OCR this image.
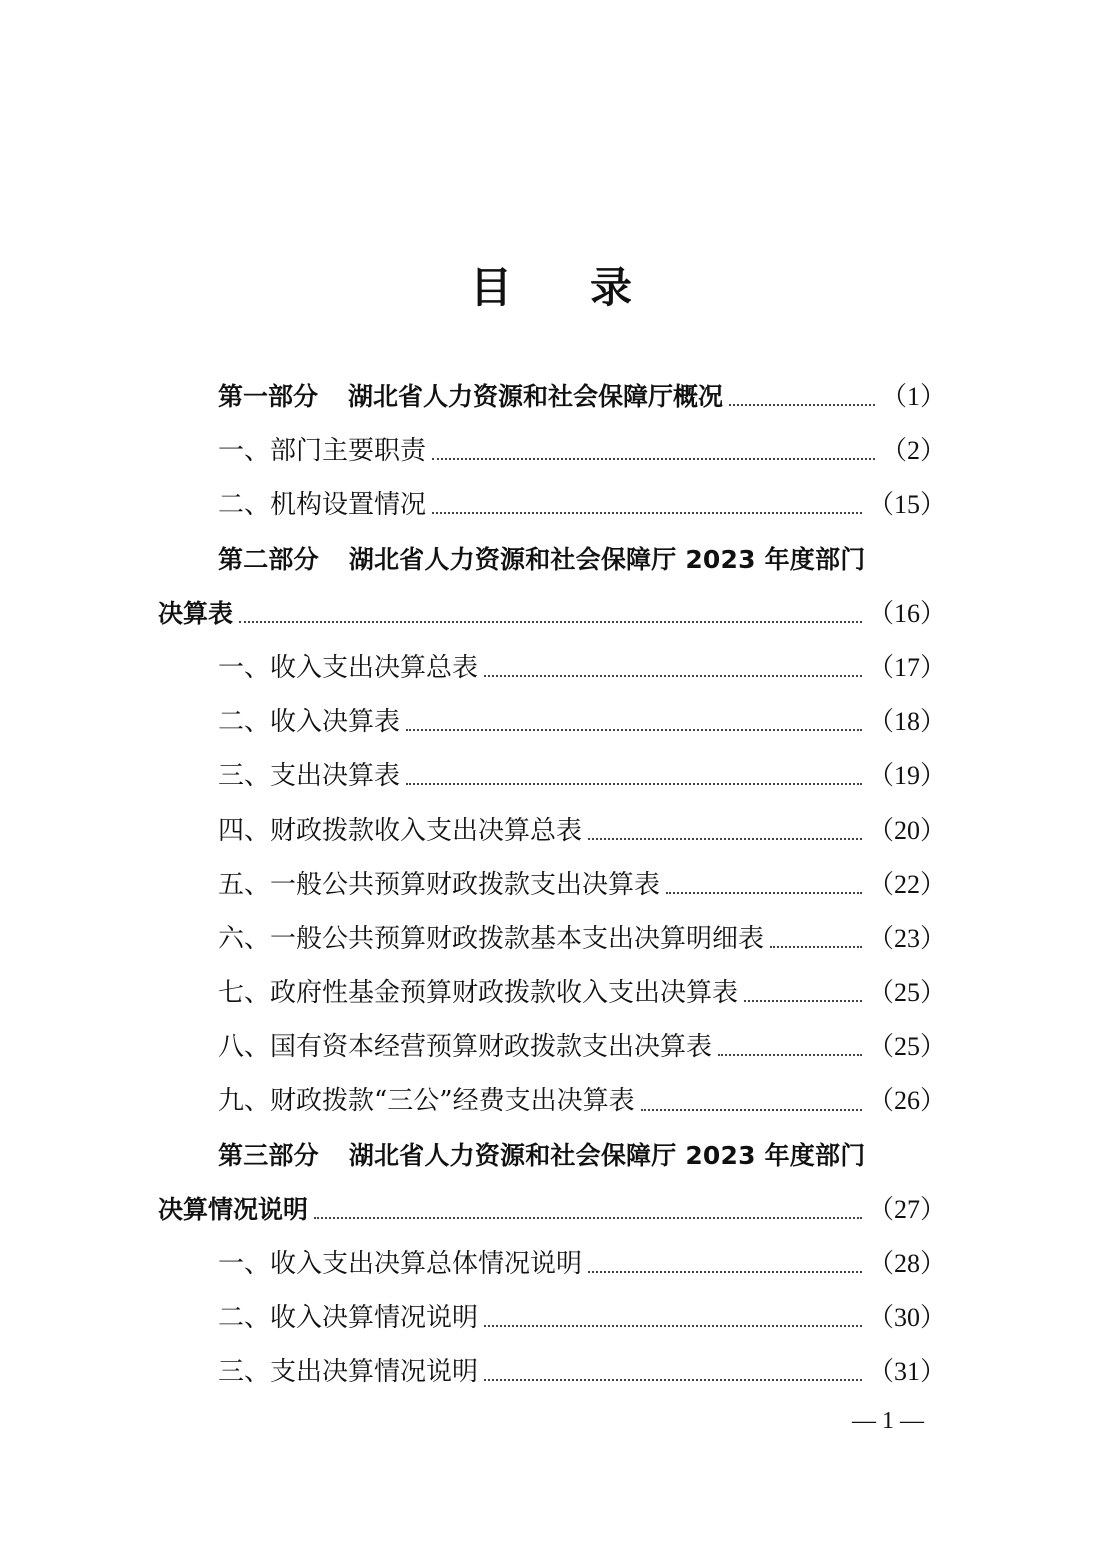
目 录
第一部分 湖北省人力资源和社会保障厅概况	（1）
一、部门主要职责	（2）
二、机构设置情况	（15）
第二部分 湖北省人力资源和社会保障厅 2023 年度部门
决算表	（16）
一、收入支出决算总表	（17）
二、收入决算表	（18）
三、支出决算表	（19）
四、财政拨款收入支出决算总表	（20）
五、一般公共预算财政拨款支出决算表	（22）
六、一般公共预算财政拨款基本支出决算明细表	（23）
七、政府性基金预算财政拨款收入支出决算表	（25）
八、国有资本经营预算财政拨款支出决算表	（25）
九、财政拨款“三公”经费支出决算表	（26）
第三部分 湖北省人力资源和社会保障厅 2023 年度部门
决算情况说明	（27）
一、收入支出决算总体情况说明	（28）
二、收入决算情况说明	（30）
三、支出决算情况说明	（31）
— 1 —
